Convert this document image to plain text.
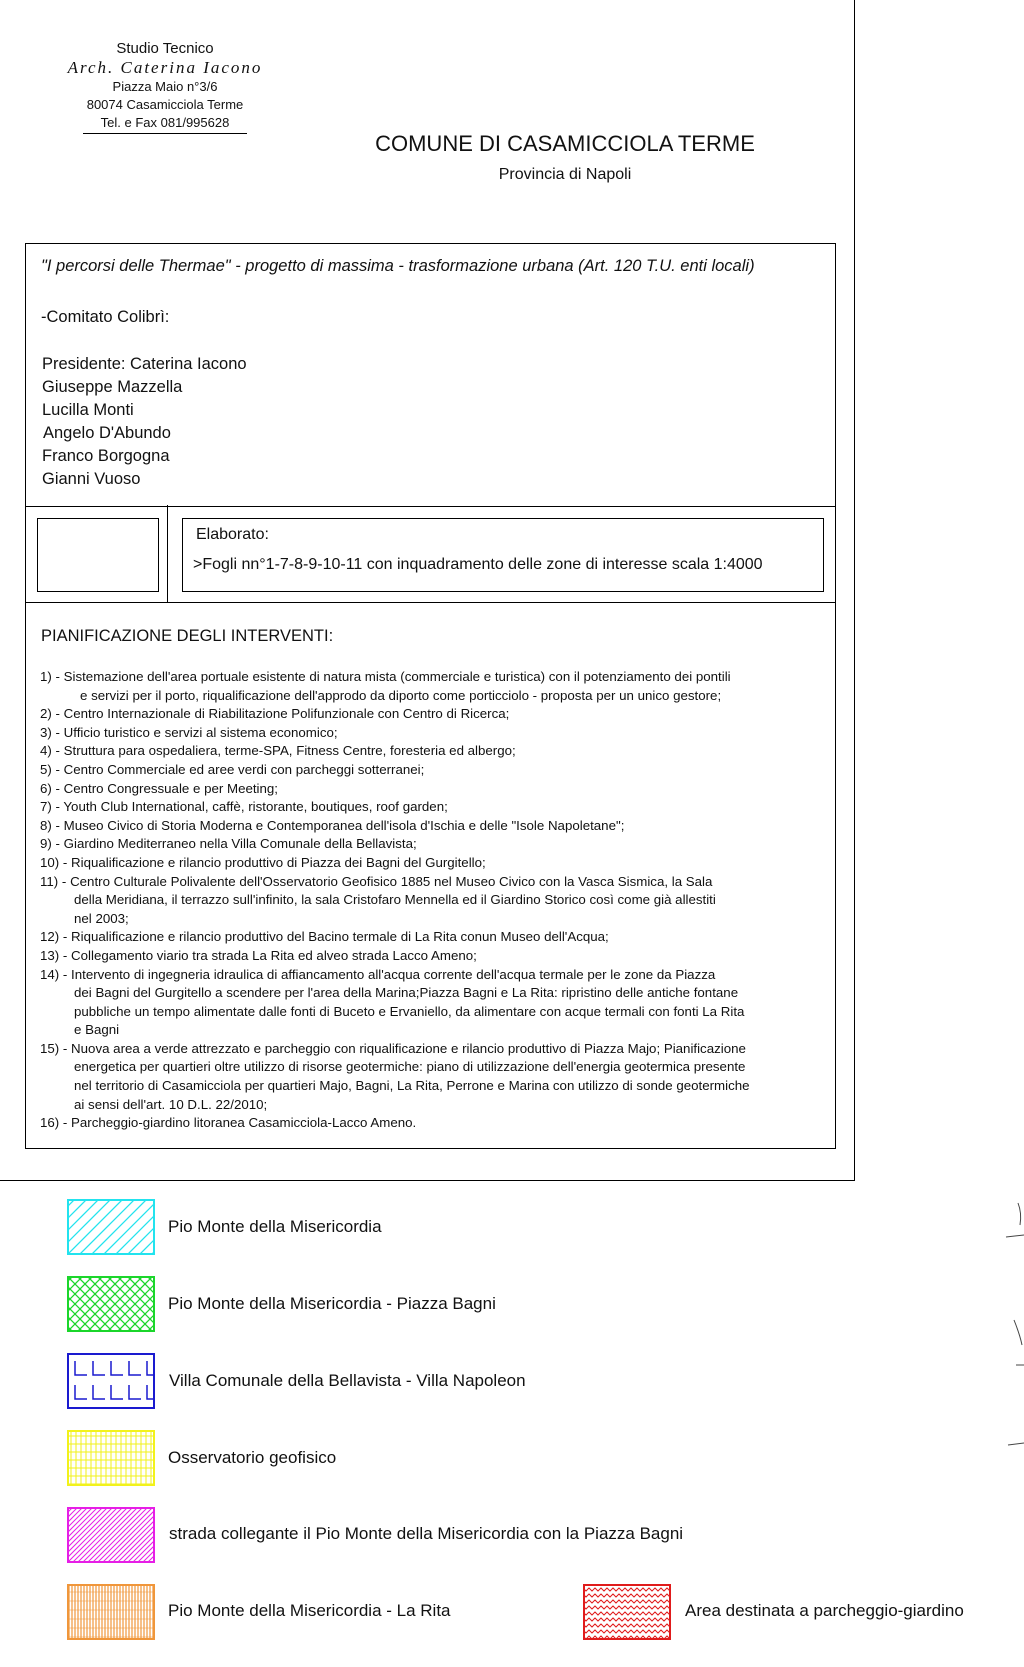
Studio Tecnico
Arch. Caterina Iacono
Piazza Maio n°3/6
80074 Casamicciola Terme
Tel. e Fax 081/995628
COMUNE DI CASAMICCIOLA TERME
Provincia di Napoli
"I percorsi delle Thermae" - progetto di massima - trasformazione urbana (Art. 120 T.U. enti locali)
-Comitato Colibrì:
Presidente: Caterina Iacono
Giuseppe Mazzella
Lucilla Monti
Angelo D'Abundo
Franco Borgogna
Gianni Vuoso
Elaborato:
>Fogli nn°1-7-8-9-10-11 con inquadramento delle zone di interesse scala 1:4000
PIANIFICAZIONE DEGLI INTERVENTI:
1) - Sistemazione dell'area portuale esistente di natura mista (commerciale e turistica) con il potenziamento dei pontili
e servizi per il porto, riqualificazione dell'approdo da diporto come porticciolo - proposta per un unico gestore;
2) - Centro Internazionale di Riabilitazione Polifunzionale con Centro di Ricerca;
3) - Ufficio turistico e servizi al sistema economico;
4) - Struttura para ospedaliera, terme-SPA, Fitness Centre, foresteria ed albergo;
5) - Centro Commerciale ed aree verdi con parcheggi sotterranei;
6) - Centro Congressuale e per Meeting;
7) - Youth Club International, caffè, ristorante, boutiques, roof garden;
8) - Museo Civico di Storia Moderna e Contemporanea dell'isola d'Ischia e delle "Isole Napoletane";
9) - Giardino Mediterraneo nella Villa Comunale della Bellavista;
10) - Riqualificazione e rilancio produttivo di Piazza dei Bagni del Gurgitello;
11) - Centro Culturale Polivalente dell'Osservatorio Geofisico 1885 nel Museo Civico con la Vasca Sismica, la Sala
della Meridiana, il terrazzo sull'infinito, la sala Cristofaro Mennella ed il Giardino Storico così come già allestiti
nel 2003;
12) - Riqualificazione e rilancio produttivo del Bacino termale di La Rita conun Museo dell'Acqua;
13) - Collegamento viario tra strada La Rita ed alveo strada Lacco Ameno;
14) - Intervento di ingegneria idraulica di affiancamento all'acqua corrente dell'acqua termale per le zone da Piazza
dei Bagni del Gurgitello a scendere per l'area della Marina;Piazza Bagni e La Rita: ripristino delle antiche fontane
pubbliche un tempo alimentate dalle fonti di Buceto e Ervaniello, da alimentare con acque termali con fonti La Rita
e Bagni
15) - Nuova area a verde attrezzato e parcheggio con riqualificazione e rilancio produttivo di Piazza Majo; Pianificazione
energetica per quartieri oltre utilizzo di risorse geotermiche: piano di utilizzazione dell'energia geotermica presente
nel territorio di Casamicciola per quartieri Majo, Bagni, La Rita, Perrone e Marina con utilizzo di sonde geotermiche
ai sensi dell'art. 10 D.L. 22/2010;
16) - Parcheggio-giardino litoranea Casamicciola-Lacco Ameno.
Pio Monte della Misericordia
Pio Monte della Misericordia - Piazza Bagni
Villa Comunale della Bellavista - Villa Napoleon
Osservatorio geofisico
strada collegante il Pio Monte della Misericordia con la Piazza Bagni
Pio Monte della Misericordia - La Rita	Area destinata a parcheggio-giardino
